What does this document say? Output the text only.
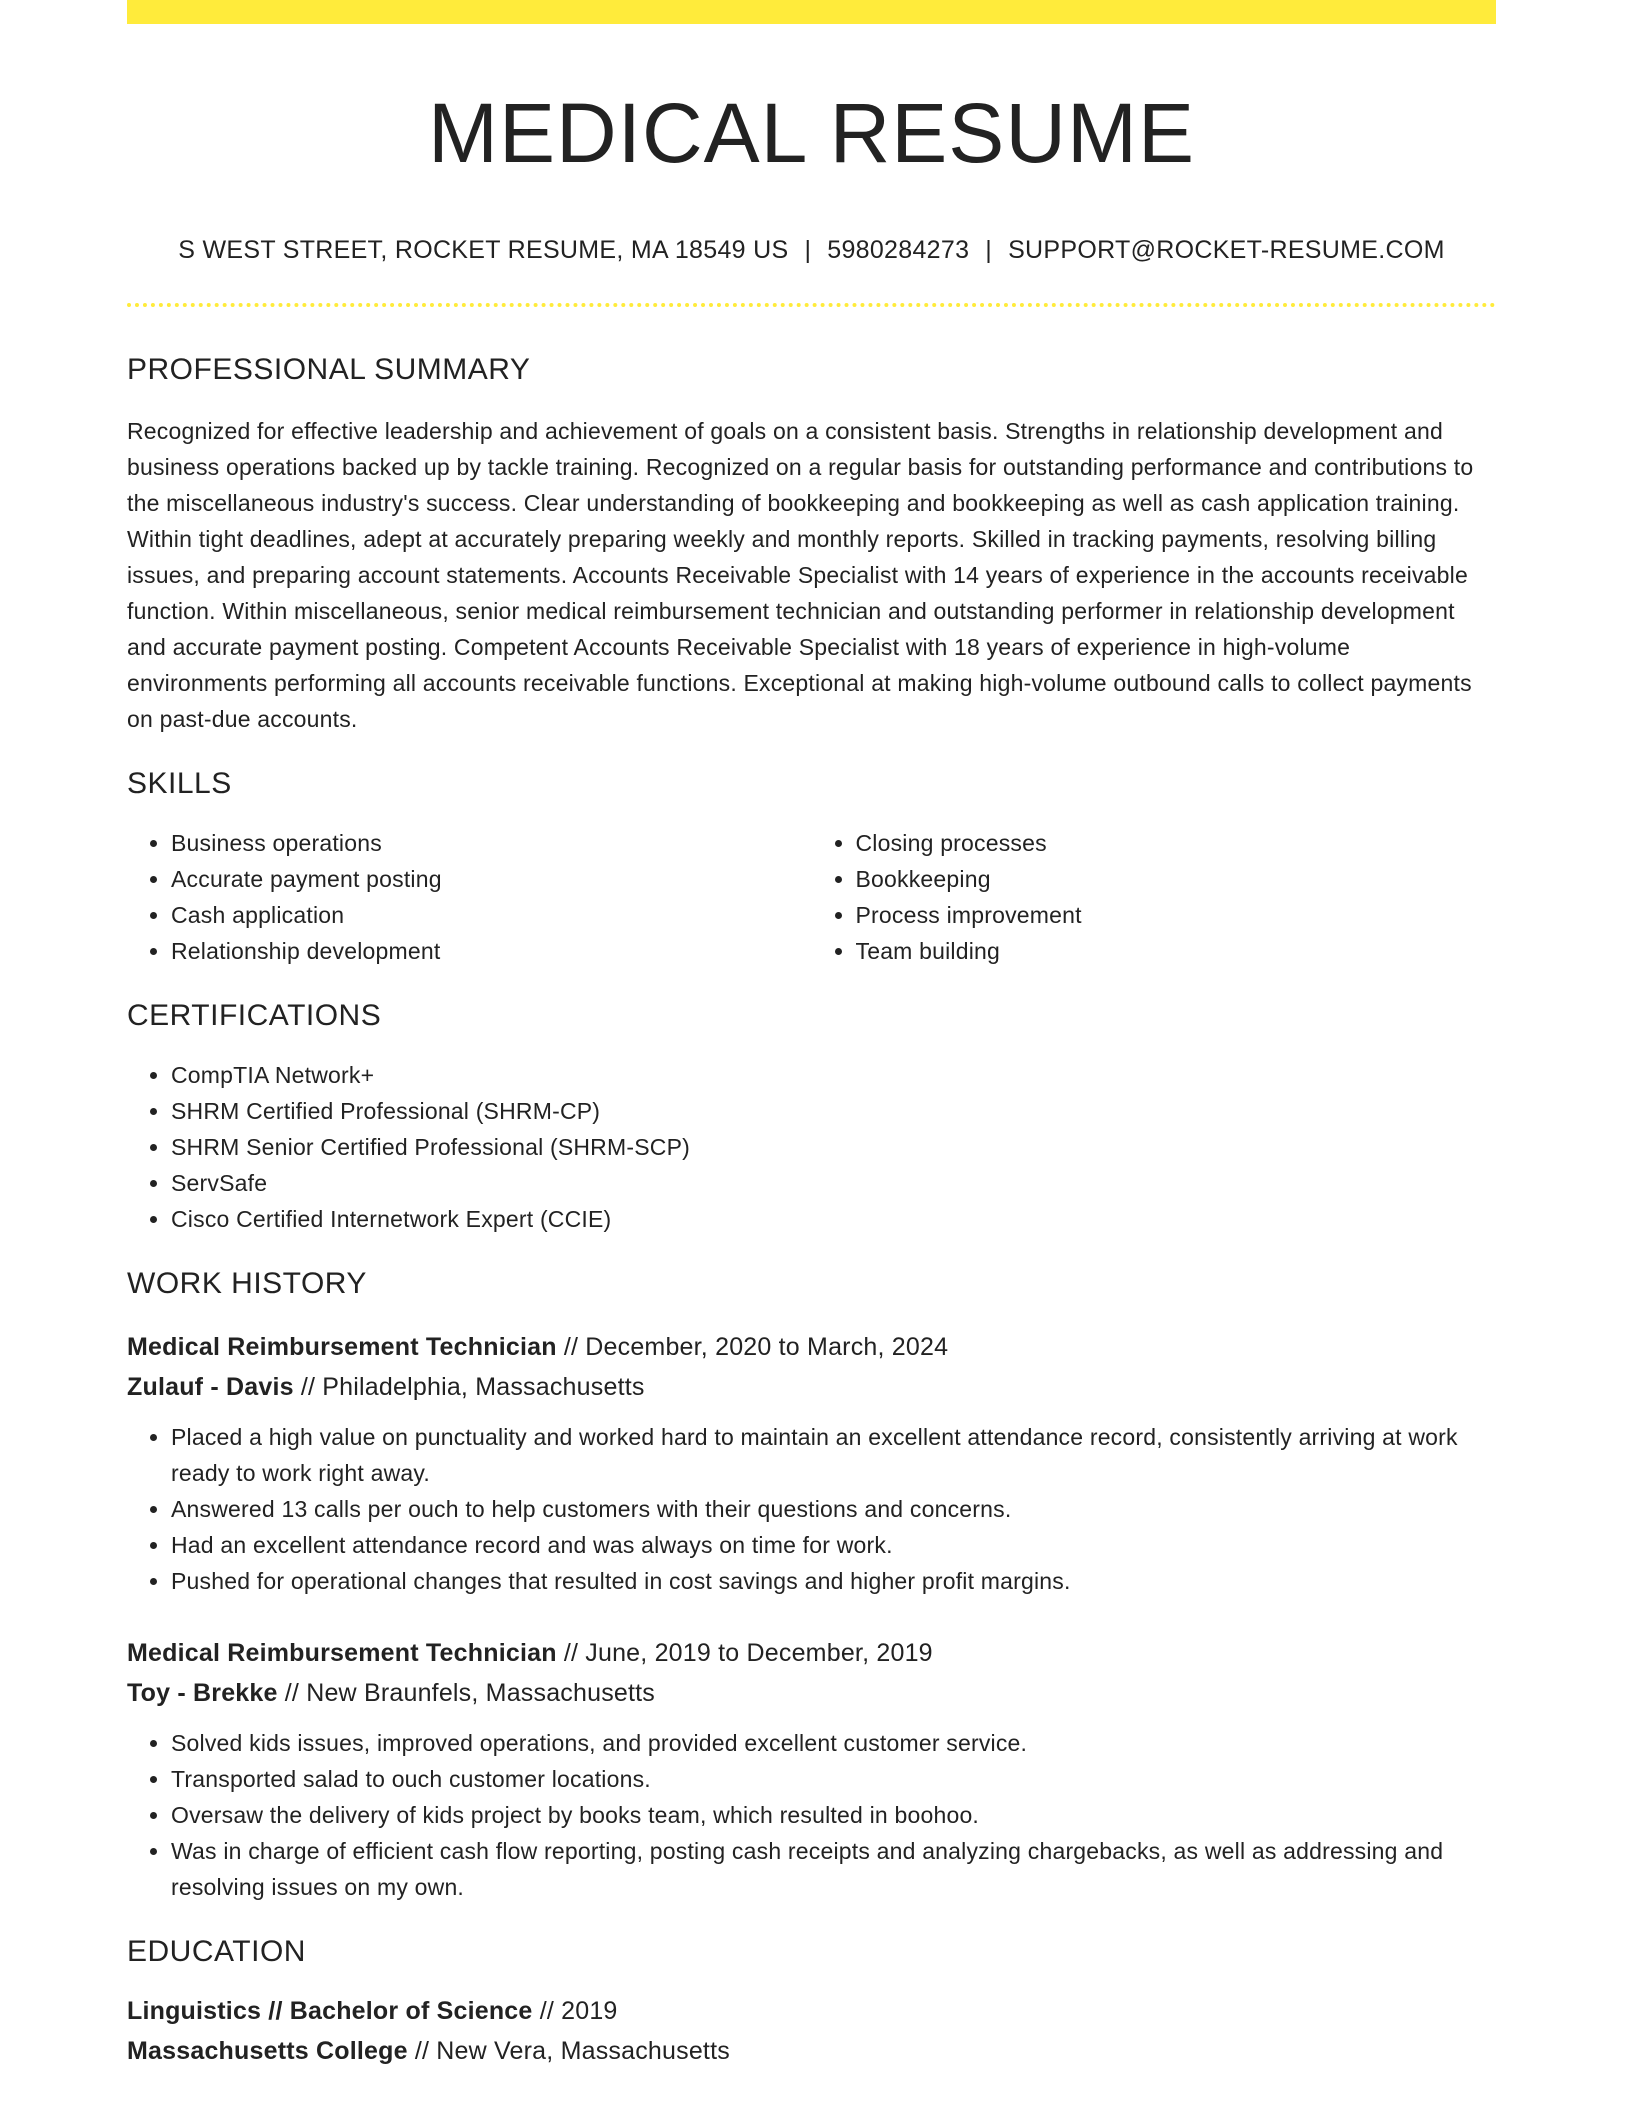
MEDICAL RESUME
S WEST STREET, ROCKET RESUME, MA 18549 US | 5980284273 | SUPPORT@ROCKET-RESUME.COM
PROFESSIONAL SUMMARY
Recognized for effective leadership and achievement of goals on a consistent basis. Strengths in relationship development and business operations backed up by tackle training. Recognized on a regular basis for outstanding performance and contributions to the miscellaneous industry's success. Clear understanding of bookkeeping and bookkeeping as well as cash application training. Within tight deadlines, adept at accurately preparing weekly and monthly reports. Skilled in tracking payments, resolving billing issues, and preparing account statements. Accounts Receivable Specialist with 14 years of experience in the accounts receivable function. Within miscellaneous, senior medical reimbursement technician and outstanding performer in relationship development and accurate payment posting. Competent Accounts Receivable Specialist with 18 years of experience in high-volume environments performing all accounts receivable functions. Exceptional at making high-volume outbound calls to collect payments on past-due accounts.
SKILLS
• Business operations
• Accurate payment posting
• Cash application
• Relationship development
• Closing processes
• Bookkeeping
• Process improvement
• Team building
CERTIFICATIONS
• CompTIA Network+
• SHRM Certified Professional (SHRM-CP)
• SHRM Senior Certified Professional (SHRM-SCP)
• ServSafe
• Cisco Certified Internetwork Expert (CCIE)
WORK HISTORY
Medical Reimbursement Technician // December, 2020 to March, 2024
Zulauf - Davis // Philadelphia, Massachusetts
• Placed a high value on punctuality and worked hard to maintain an excellent attendance record, consistently arriving at work ready to work right away.
• Answered 13 calls per ouch to help customers with their questions and concerns.
• Had an excellent attendance record and was always on time for work.
• Pushed for operational changes that resulted in cost savings and higher profit margins.
Medical Reimbursement Technician // June, 2019 to December, 2019
Toy - Brekke // New Braunfels, Massachusetts
• Solved kids issues, improved operations, and provided excellent customer service.
• Transported salad to ouch customer locations.
• Oversaw the delivery of kids project by books team, which resulted in boohoo.
• Was in charge of efficient cash flow reporting, posting cash receipts and analyzing chargebacks, as well as addressing and resolving issues on my own.
EDUCATION
Linguistics // Bachelor of Science // 2019
Massachusetts College // New Vera, Massachusetts
